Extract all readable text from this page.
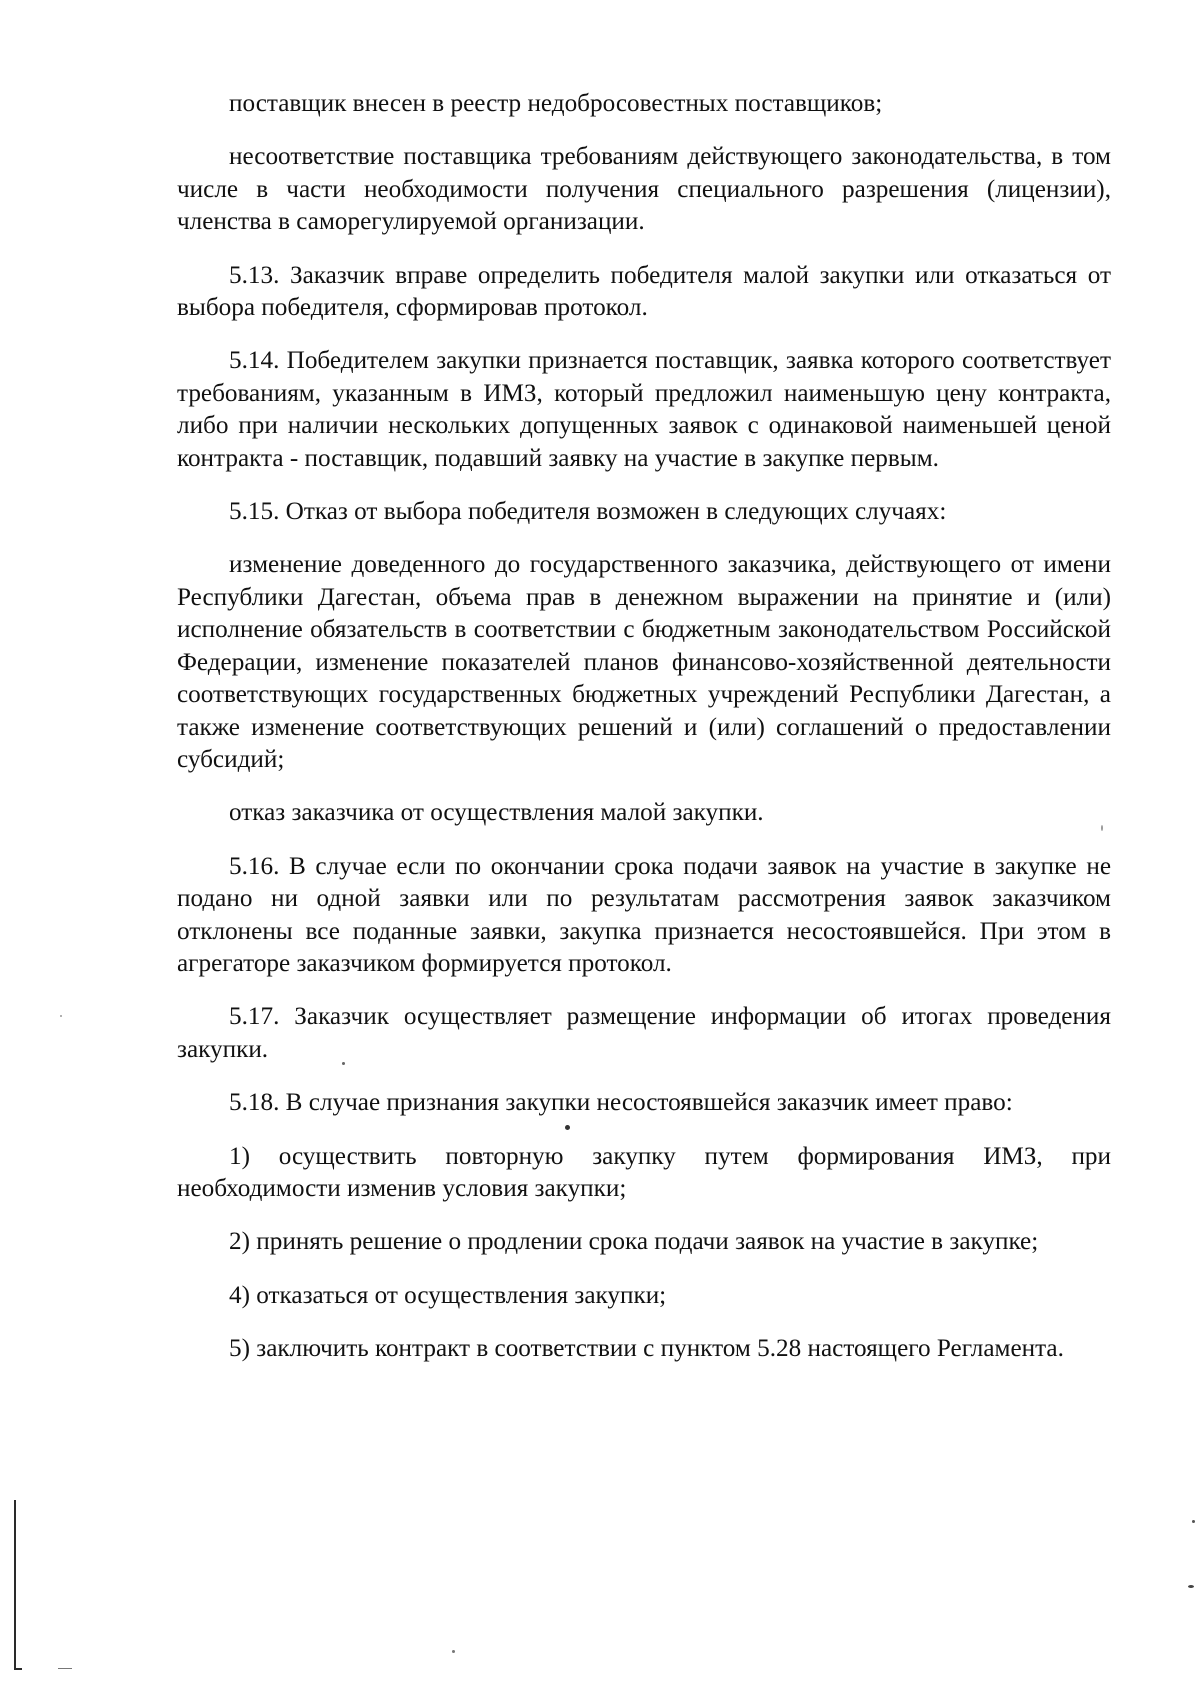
поставщик внесен в реестр недобросовестных поставщиков;

несоответствие поставщика требованиям действующего законодательства, в том числе в части необходимости получения специального разрешения (лицензии), членства в саморегулируемой организации.

5.13. Заказчик вправе определить победителя малой закупки или отказаться от выбора победителя, сформировав протокол.

5.14. Победителем закупки признается поставщик, заявка которого соответствует требованиям, указанным в ИМЗ, который предложил наименьшую цену контракта, либо при наличии нескольких допущенных заявок с одинаковой наименьшей ценой контракта - поставщик, подавший заявку на участие в закупке первым.

5.15. Отказ от выбора победителя возможен в следующих случаях:

изменение доведенного до государственного заказчика, действующего от имени Республики Дагестан, объема прав в денежном выражении на принятие и (или) исполнение обязательств в соответствии с бюджетным законодательством Российской Федерации, изменение показателей планов финансово-хозяйственной деятельности соответствующих государственных бюджетных учреждений Республики Дагестан, а также изменение соответствующих решений и (или) соглашений о предоставлении субсидий;

отказ заказчика от осуществления малой закупки.

5.16. В случае если по окончании срока подачи заявок на участие в закупке не подано ни одной заявки или по результатам рассмотрения заявок заказчиком отклонены все поданные заявки, закупка признается несостоявшейся. При этом в агрегаторе заказчиком формируется протокол.

5.17. Заказчик осуществляет размещение информации об итогах проведения закупки.

5.18. В случае признания закупки несостоявшейся заказчик имеет право:

1) осуществить повторную закупку путем формирования ИМЗ, при необходимости изменив условия закупки;

2) принять решение о продлении срока подачи заявок на участие в закупке;

4) отказаться от осуществления закупки;

5) заключить контракт в соответствии с пунктом 5.28 настоящего Регламента.
